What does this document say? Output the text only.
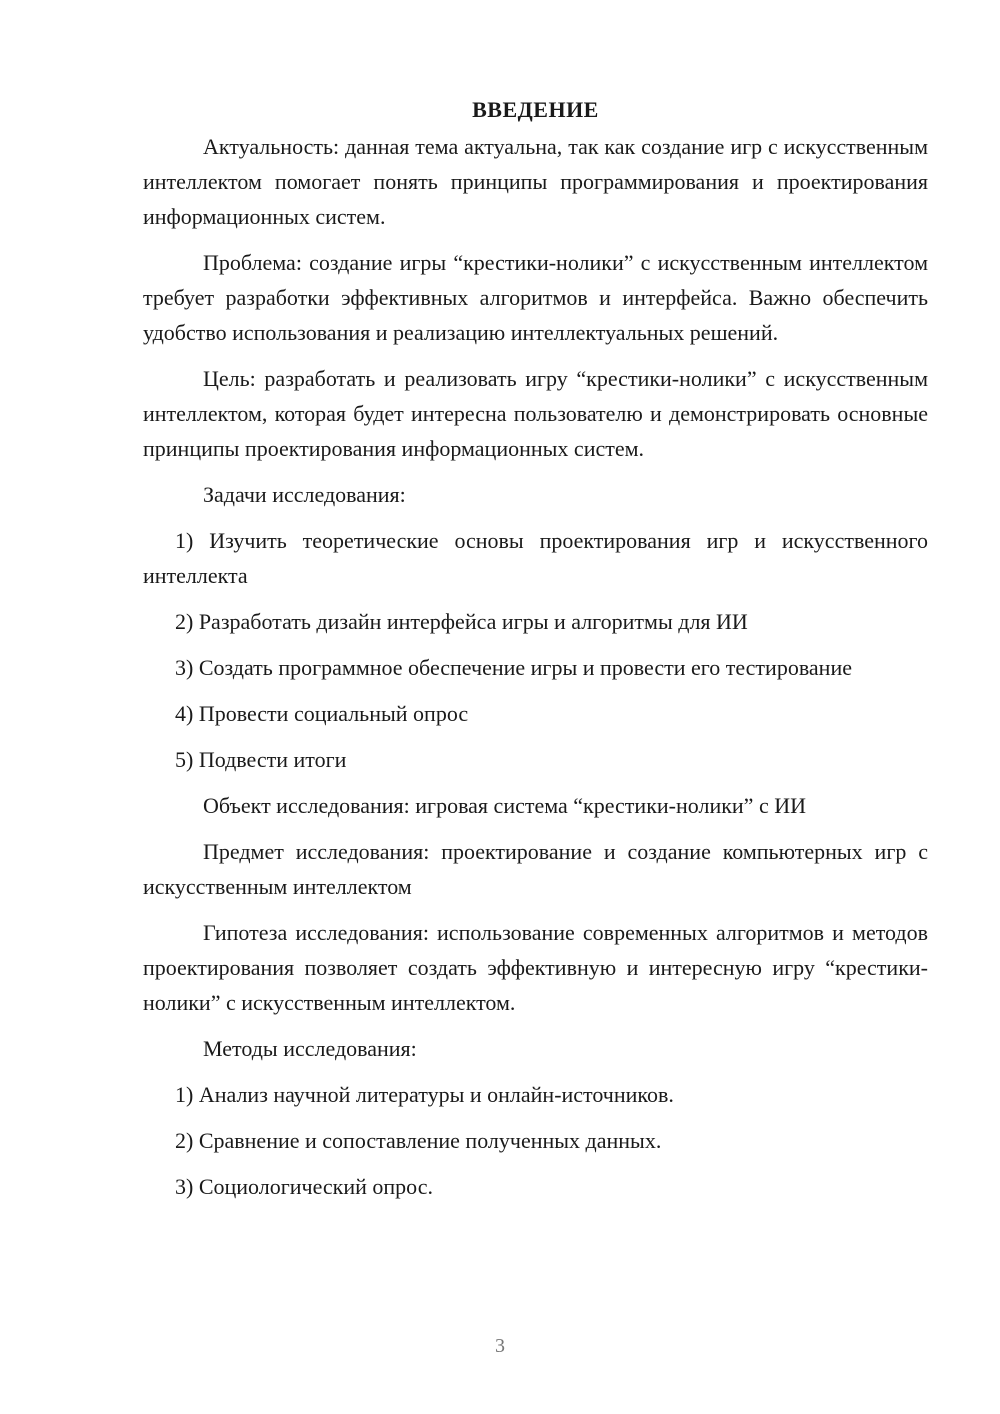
ВВЕДЕНИЕ
Актуальность: данная тема актуальна, так как создание игр с искусственным интеллектом помогает понять принципы программирования и проектирования информационных систем.
Проблема: создание игры “крестики-нолики” с искусственным интеллектом требует разработки эффективных алгоритмов и интерфейса. Важно обеспечить удобство использования и реализацию интеллектуальных решений.
Цель: разработать и реализовать игру “крестики-нолики” с искусственным интеллектом, которая будет интересна пользователю и демонстрировать основные принципы проектирования информационных систем.
Задачи исследования:
1) Изучить теоретические основы проектирования игр и искусственного интеллекта
2) Разработать дизайн интерфейса игры и алгоритмы для ИИ
3) Создать программное обеспечение игры и провести его тестирование
4) Провести социальный опрос
5) Подвести итоги
Объект исследования: игровая система “крестики-нолики” с ИИ
Предмет исследования: проектирование и создание компьютерных игр с искусственным интеллектом
Гипотеза исследования: использование современных алгоритмов и методов проектирования позволяет создать эффективную и интересную игру “крестики-нолики” с искусственным интеллектом.
Методы исследования:
1) Анализ научной литературы и онлайн-источников.
2) Сравнение и сопоставление полученных данных.
3) Социологический опрос.
3
